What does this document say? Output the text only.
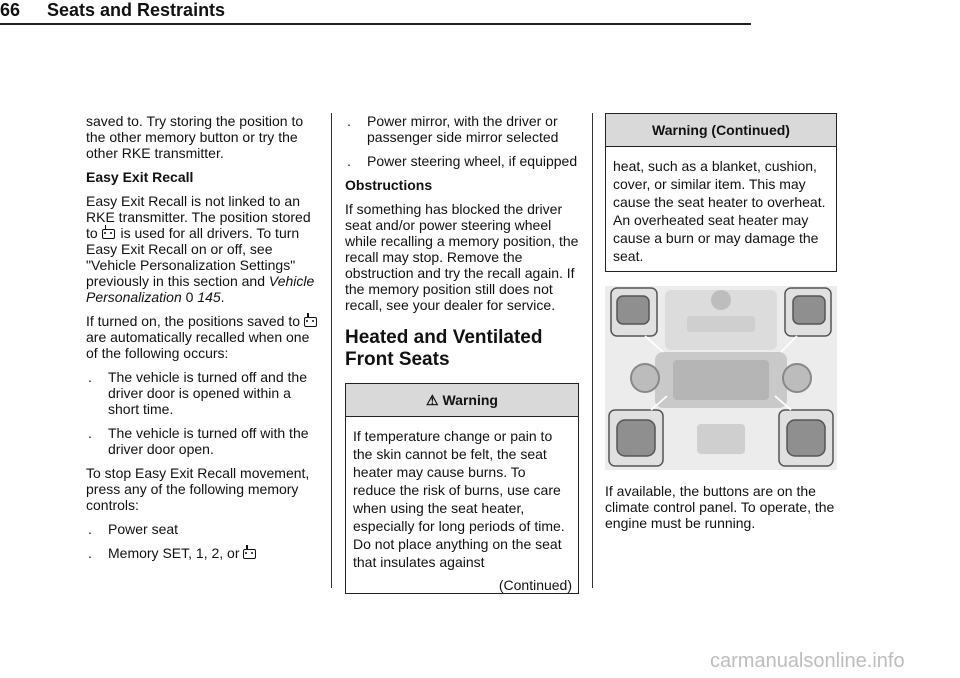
66 Seats and Restraints

saved to. Try storing the position to the other memory button or try the other RKE transmitter.

Easy Exit Recall

Easy Exit Recall is not linked to an RKE transmitter. The position stored to is used for all drivers. To turn Easy Exit Recall on or off, see "Vehicle Personalization Settings" previously in this section and Vehicle Personalization 0 145.

If turned on, the positions saved to  are automatically recalled when one of the following occurs:

.	The vehicle is turned off and the driver door is opened within a short time.
.	The vehicle is turned off with the driver door open.

To stop Easy Exit Recall movement, press any of the following memory controls:

.	Power seat
.	Memory SET, 1, 2, or
.	Power mirror, with the driver or passenger side mirror selected
.	Power steering wheel, if equipped

Obstructions

If something has blocked the driver seat and/or power steering wheel while recalling a memory position, the recall may stop. Remove the obstruction and try the recall again. If the memory position still does not recall, see your dealer for service.

Heated and Ventilated Front Seats
⚠ Warning
If temperature change or pain to the skin cannot be felt, the seat heater may cause burns. To reduce the risk of burns, use care when using the seat heater, especially for long periods of time. Do not place anything on the seat that insulates against
(Continued)
Warning (Continued)
heat, such as a blanket, cushion, cover, or similar item. This may cause the seat heater to overheat. An overheated seat heater may cause a burn or may damage the seat.

If available, the buttons are on the climate control panel. To operate, the engine must be running.

carmanualsonline.info
